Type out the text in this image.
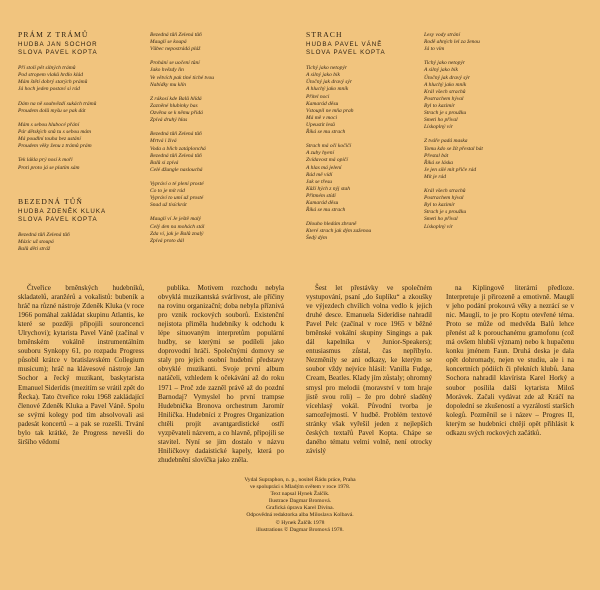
PRÁM Z TRÁMŮ
HUDBA JAN SOCHOR
SLOVA PAVEL KOPTA
Pří stolí pět silných trámů
Pod stropem vlaků hrdlo klád
Mám štětí dobrý starých prámů
Já hoch jeden postaví si rád
Dám na ně souhvězdí sukách trámů
Proudem dolů myšu se pak dát
Mám s sebou hlubocé přání
Pár dětských snů tu s sebou mám
Má poudlní touha bez ustání
Proudem věky ženu z trámů prám
Tek lákla prý nosí k moři
Proti proto já se platím sám
BEZEDNÁ TŮŇ
HUDBA ZDENĚK KLUKA
SLOVA PAVEL KOPTA
Bezedná tůň Zelená tůň
Mázic už stoupá
Balů děti stráž
Bezedná tůň Zelená tůň
Mauglí se koupá
Vůbec nepostrádá pláž
Prohání se uočení tůní
Jako hvězdy lin
Ve větvích pak tiné tiché tvou
Nabídky mu klín
Z rákosí kde Balů hlídá
Zazněné hlubinky bas
Ozvěna se k němu přidá
Zpívá druhý hlas
Bezedná tůň Zelená tůň
Mrtvá i živá
Voda a blich zatáplonchá
Bezedná tůň Zelená tůň
Balů si zpívá
Celé džungle naslouchá
Vypráví o té plení prosté
Co to je mít rád
Vypráví to umí už prosté
Snad už tisíckrát
Mauglí ví Je ještě malý
Celý den na mohách stál
Zda ví, jak je Balů znalý
Zpívá proto dál
STRACH
HUDBA PAVEL VÁNĚ
SLOVA PAVEL KOPTA
Tichý jako netopýr
A silný jako bik
Útočný jak dravý sýr
A hluchý jako mník
Přítel noci
Kamarád děsu
Vstoupil ne mňa prah
Má mě v moci
Upeustit lesů
Říká se mu strach
Strach má oči kočičí
A zuby hyení
Zvídavost má opičí
A hlas má jelení
Rád mě vídí
Jak se třesu
Kůží hých z nýj stah
Přitmém stídí
Kamarád děsu
Říká se mu strach
Dlouho hledám zbraně
Které strach jak dým zaženou
Šedý dým
Lesy vody strání
Rodě ahných lel za ženou
Já to vím
Tichý jako netopýr
A silný jako bik
Útočný jak dravý sýr
A hluchý jako mník
Král všech strachů
Postrachem hýval
Byl to kazimír
Strach je s proužku
Smeti ho přival
Lískoplný vír
Z tváře padá maska
Tomu kdo se žít přestal bát
Přestal bát
Říká se láska
Je jen sílé mít přiče rád
Mít je rád
Král všech strachů
Postrachem hýval
Byl to kazimír
Strach je s proužku
Smeti ho přival
Lískoplný vír

Čtveřice brněnských hudebníků, skladatelů, aranžérů a vokalistů: bubeník a hráč na různé nástroje Zdeněk Kluka (v roce 1966 pomáhal zakládat skupinu Atlantis, ke které se později připojili souroncenci Ulrychovi); kytarista Pavel Váně (začínal v brněnském vokálně instrumentálním souboru Synkopy 61, po rozpadu Progress působil krátce v bratislavském Collegium musicum); hráč na klávesové nástroje Jan Sochor a řecký muzikant, baskytarista Emanuel Siderídis (mezitím se vrátil zpět do Řecka). Tato čtveřice roku 1968 zakládající členové Zdeněk Kluka a Pavel Váně. Spolu se svými kolegy pod tím absolvovali asi padesát koncertů – a pak se rozešli. Trvání bylo tak krátké, že Progress nevešli do širšího vědomí

publika. Motivem rozchodu nebyla obvyklá muzikantská svárlivost, ale příčiny na rovinu organizační; doba nebyla příznivá pro vznik rockových souborů. Existenční nejistota přiměla hudebníky k odchodu k lépe situovaným interpretům populární hudby, se kterými se podíleli jako doprovodní hráči. Společnými domovy se staly pro jejich osobní hudební představy obvyklé muzikanti. Svoje první album natáčeli, vzhledem k očekávání až do roku 1971 – Proč zde zazněl právě až do pozdní Barnodaj? Vymyslel ho první trampse Hudebnička Bronova orchestrum Jaromír Hnilička. Hudebníci z Progres Organization chtěli projít avantgardistické ostří vyzpěvateli názvem, a co hlavně, připojili se stavitel. Nyní se jim dostalo v názvu Hniličkovy dadaistické kapely, která po zhudebnění slovíčka jako zněla.

Šest let přestávky ve společném vystupování, psaní „do šuplíku“ a zkoušky ve výjezdech chvílích volna vedlo k jejich druhé desce. Emanuela Siderídise nahradil Pavel Pelc (začínal v roce 1965 v běžné brněnské vokální skupiny Singings a pak dál kapelníka v Junior-Speakers); entusiasmus zůstal, čas nepříbylo. Nezměnily se ani odkazy, ke kterým se soubor vždy nejvíce hlásil: Vanilla Fudge, Cream, Beatles. Klady jím zůstaly; ohromný smysl pro melodii (moravství v tom hraje jistě svou roli) – že pro dobré sladěný vícehlasý vokál. Původní tvorba je samozřejmostí. V hudbě. Problém textové stránky však vyřešil jeden z nejlepších českých textařů Pavel Kopta. Chápe se daného tématu velmi volně, není otrocky závislý

na Kiplingově literární předloze. Interpretuje ji přirozeně a emotivně. Mauglí v jeho podání prokouvá věky a nezrácí se v nic. Mauglí, to je pro Koptu otevřené téma. Proto se může od medvěda Balů lehce přenést až k porouchanému gramofonu (což má ovšem hlubší význam) nebo k hupačenu konku jménem Faun. Druhá deska je dala opět dohromady, nejen ve studiu, ale i na koncertních pódiích či překních klubů. Jana Sochora nahradil klavírista Karel Horký a soubor posílila další kytarista Miloš Morávek. Začali vydávat zde až Kráčí na dopolední se zkušeností a vyzrálostí starších kolegů. Pozměnil se i název – Progres II, kterým se hudebníci chtějí opět přihlásit k odkazu svých rockových začátků.

Vydal Supraphon, n. p., nositel Řádu práce, Praha
ve spolupráci s Mladým světem v roce 1978.
Text napsal Hynek Žalčík.
Ilustrace Dagmar Bromová.
Grafická úprava Karel Divína.
Odpovědná redaktorka alba Miloslava Kolbavá.
© Hynek Žalčík 1978
illustrations © Dagmar Bromová 1978.
